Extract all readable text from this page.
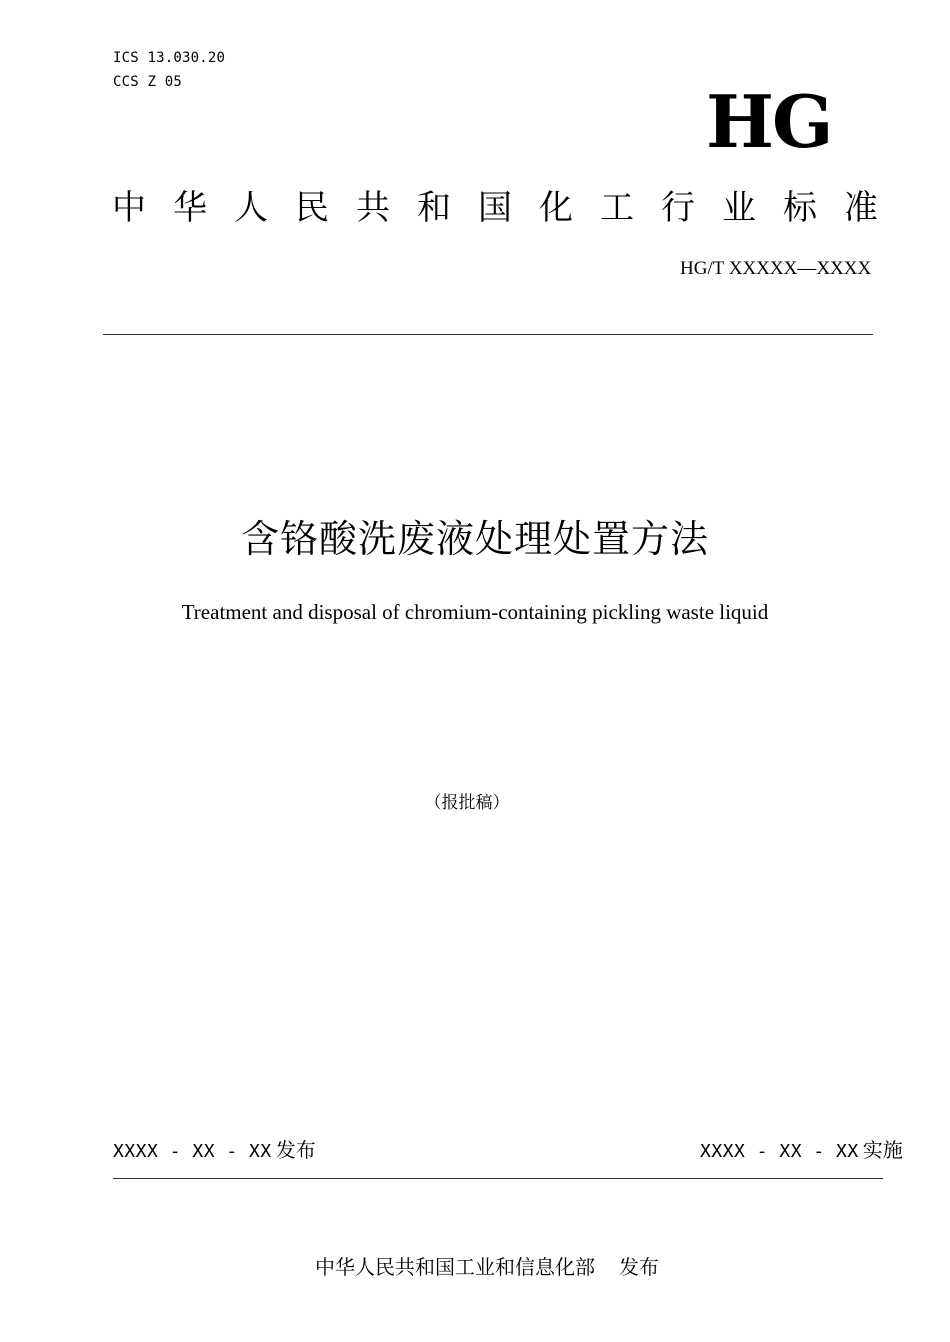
ICS 13.030.20
CCS Z 05	HG
中华人民共和国化工行业标准
HG/T XXXXX—XXXX
含铬酸洗废液处理处置方法
Treatment and disposal of chromium-containing pickling waste liquid
（报批稿）
XXXX - XX - XX 发布	XXXX - XX - XX 实施
中华人民共和国工业和信息化部 发布
